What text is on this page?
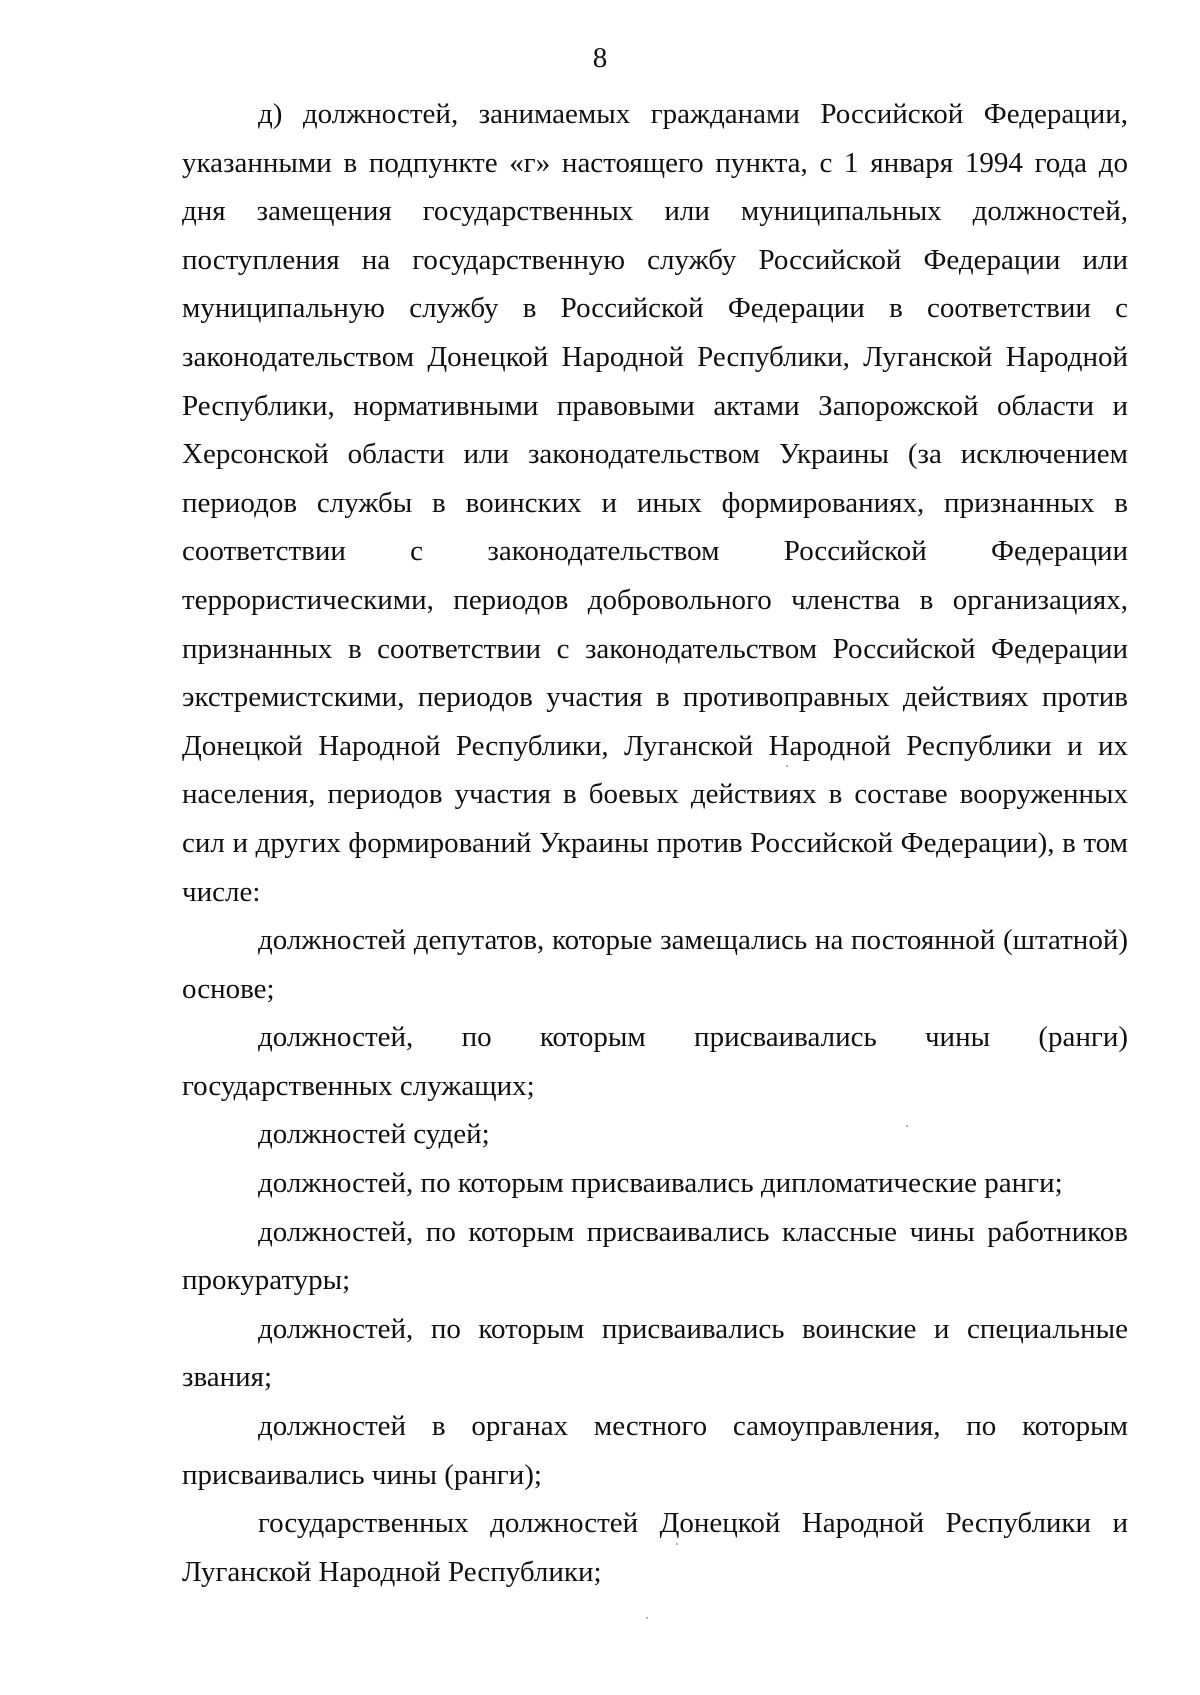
8

д) должностей, занимаемых гражданами Российской Федерации, указанными в подпункте «г» настоящего пункта, с 1 января 1994 года до дня замещения государственных или муниципальных должностей, поступления на государственную службу Российской Федерации или муниципальную службу в Российской Федерации в соответствии с законодательством Донецкой Народной Республики, Луганской Народной Республики, нормативными правовыми актами Запорожской области и Херсонской области или законодательством Украины (за исключением периодов службы в воинских и иных формированиях, признанных в соответствии с законодательством Российской Федерации террористическими, периодов добровольного членства в организациях, признанных в соответствии с законодательством Российской Федерации экстремистскими, периодов участия в противоправных действиях против Донецкой Народной Республики, Луганской Народной Республики и их населения, периодов участия в боевых действиях в составе вооруженных сил и других формирований Украины против Российской Федерации), в том числе:

должностей депутатов, которые замещались на постоянной (штатной) основе;

должностей, по которым присваивались чины (ранги) государственных служащих;

должностей судей;

должностей, по которым присваивались дипломатические ранги;

должностей, по которым присваивались классные чины работников прокуратуры;

должностей, по которым присваивались воинские и специальные звания;

должностей в органах местного самоуправления, по которым присваивались чины (ранги);

государственных должностей Донецкой Народной Республики и Луганской Народной Республики;
